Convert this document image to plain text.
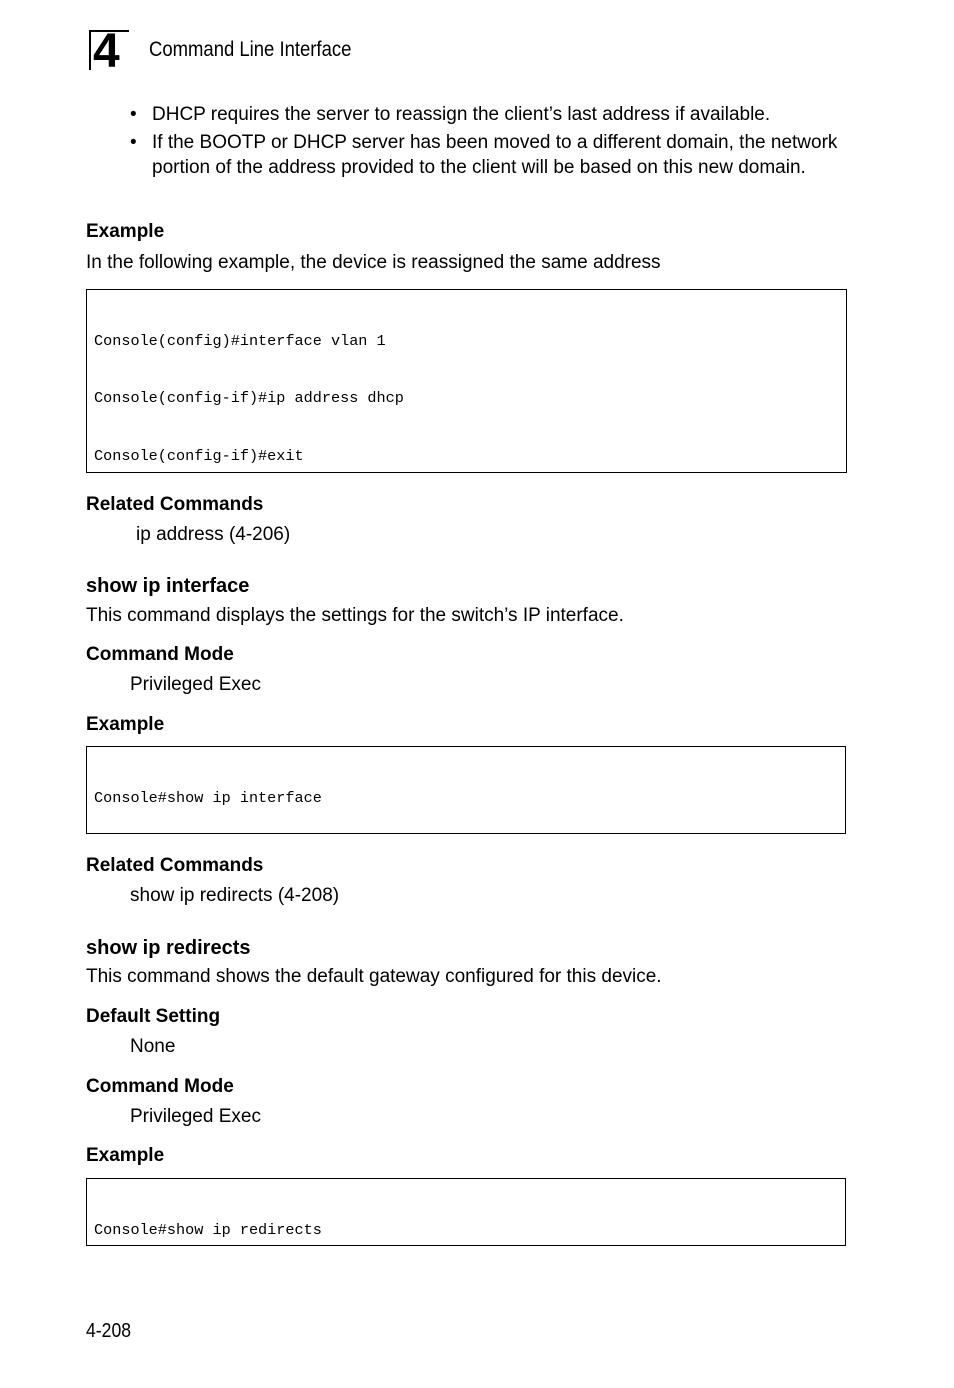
4	Command Line Interface
• DHCP requires the server to reassign the client’s last address if available.
• If the BOOTP or DHCP server has been moved to a different domain, the network portion of the address provided to the client will be based on this new domain.
Example
In the following example, the device is reassigned the same address

Console(config)#interface vlan 1

Console(config-if)#ip address dhcp

Console(config-if)#exit

Related Commands
ip address (4-206)
show ip interface
This command displays the settings for the switch’s IP interface.
Command Mode
Privileged Exec
Example

Console#show ip interface

Related Commands
show ip redirects (4-208)
show ip redirects
This command shows the default gateway configured for this device.
Default Setting
None
Command Mode
Privileged Exec
Example

Console#show ip redirects

4-208
